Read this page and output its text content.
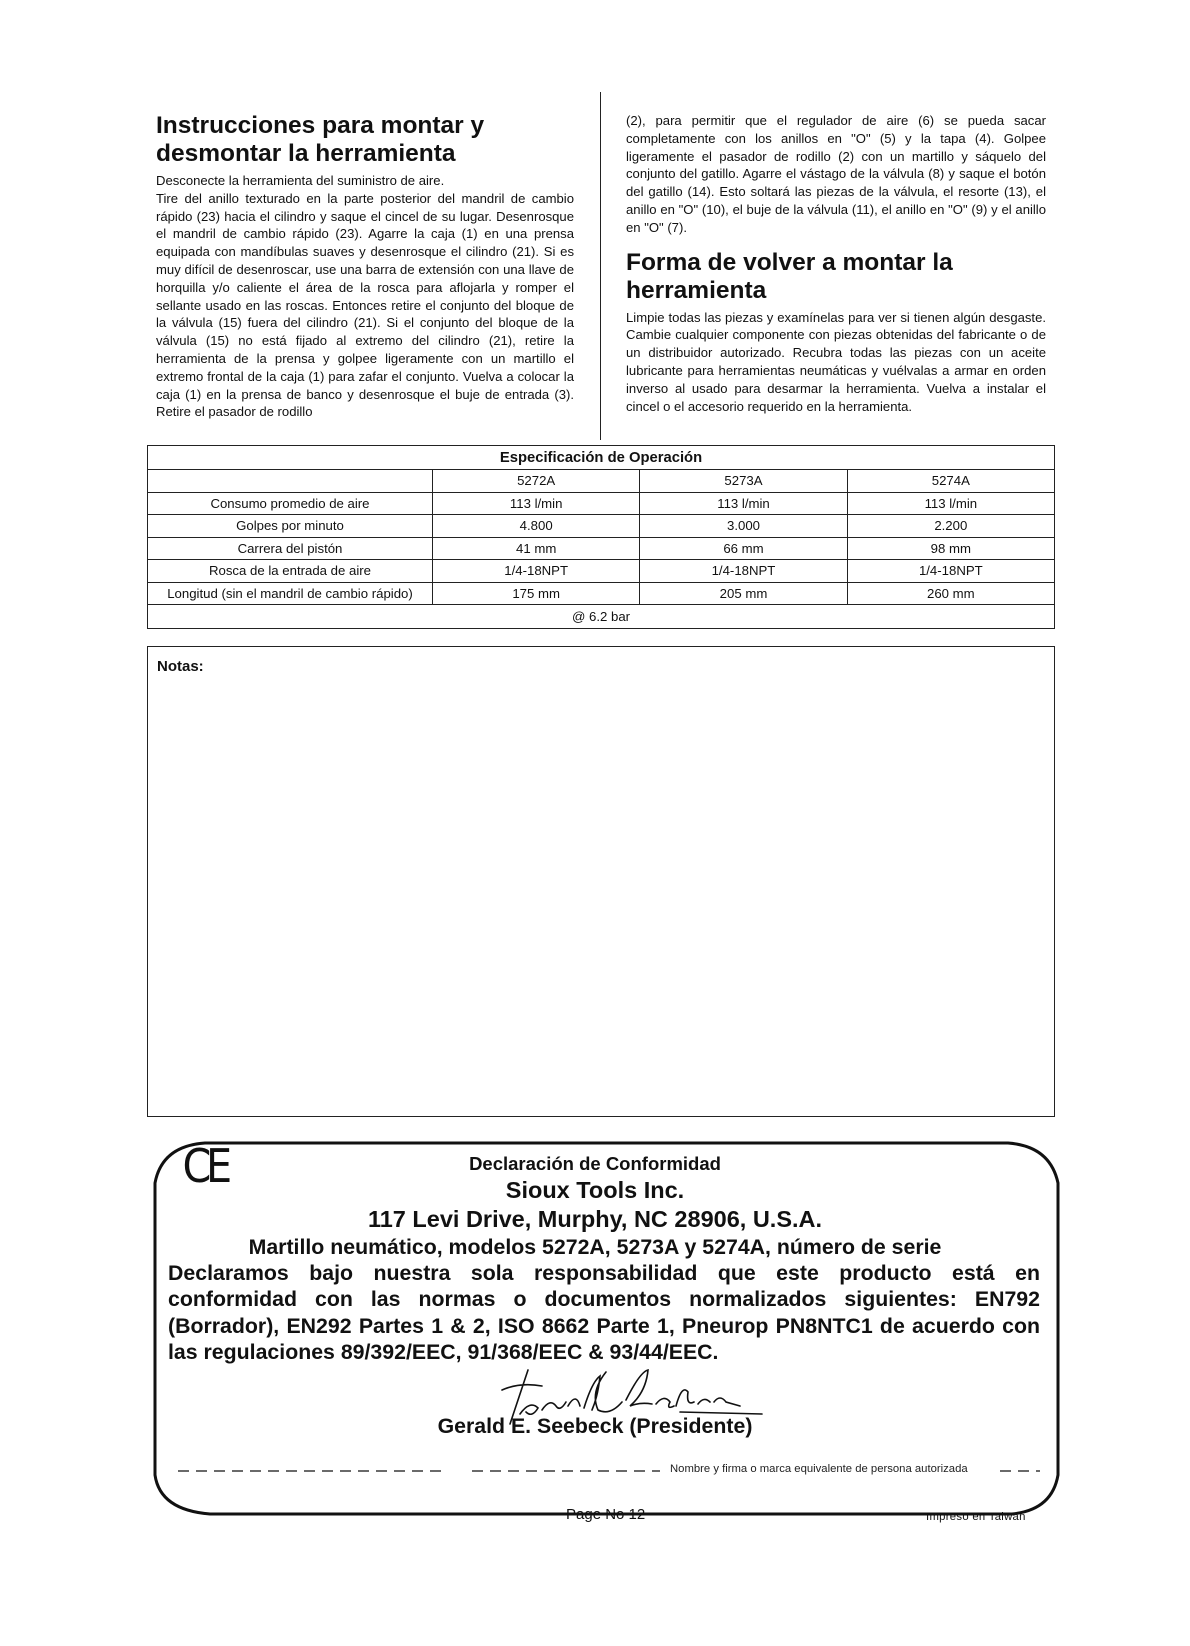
Instrucciones para montar y desmontar la herramienta

Desconecte la herramienta del suministro de aire.

Tire del anillo texturado en la parte posterior del mandril de cambio rápido (23) hacia el cilindro y saque el cincel de su lugar. Desenrosque el mandril de cambio rápido (23). Agarre la caja (1) en una prensa equipada con mandíbulas suaves y desenrosque el cilindro (21). Si es muy difícil de desenroscar, use una barra de extensión con una llave de horquilla y/o caliente el área de la rosca para aflojarla y romper el sellante usado en las roscas. Entonces retire el conjunto del bloque de la válvula (15) fuera del cilindro (21). Si el conjunto del bloque de la válvula (15) no está fijado al extremo del cilindro (21), retire la herramienta de la prensa y golpee ligeramente con un martillo el extremo frontal de la caja (1) para zafar el conjunto. Vuelva a colocar la caja (1) en la prensa de banco y desenrosque el buje de entrada (3). Retire el pasador de rodillo

(2), para permitir que el regulador de aire (6) se pueda sacar completamente con los anillos en "O" (5) y la tapa (4). Golpee ligeramente el pasador de rodillo (2) con un martillo y sáquelo del conjunto del gatillo. Agarre el vástago de la válvula (8) y saque el botón del gatillo (14). Esto soltará las piezas de la válvula, el resorte (13), el anillo en "O" (10), el buje de la válvula (11), el anillo en "O" (9) y el anillo en "O" (7).

Forma de volver a montar la herramienta

Limpie todas las piezas y examínelas para ver si tienen algún desgaste. Cambie cualquier componente con piezas obtenidas del fabricante o de un distribuidor autorizado. Recubra todas las piezas con un aceite lubricante para herramientas neumáticas y vuélvalas a armar en orden inverso al usado para desarmar la herramienta. Vuelva a instalar el cincel o el accesorio requerido en la herramienta.

Especificación de Operación			
	5272A	5273A	5274A
Consumo promedio de aire	113 l/min	113 l/min	113 l/min
Golpes por minuto	4.800	3.000	2.200
Carrera del pistón	41 mm	66 mm	98 mm
Rosca de la entrada de aire	1/4-18NPT	1/4-18NPT	1/4-18NPT
Longitud (sin el mandril de cambio rápido)	175 mm	205 mm	260 mm
@ 6.2 bar			
Notas:
CE	Declaración de Conformidad
Sioux Tools Inc.
117 Levi Drive, Murphy, NC 28906, U.S.A.
Martillo neumático, modelos 5272A, 5273A y 5274A, número de serie
Declaramos bajo nuestra sola responsabilidad que este producto está en conformidad con las normas o documentos normalizados siguientes: EN792 (Borrador), EN292 Partes 1 & 2, ISO 8662 Parte 1, Pneurop PN8NTC1 de acuerdo con las regulaciones 89/392/EEC, 91/368/EEC & 93/44/EEC.
Gerald E. Seebeck (Presidente)
Nombre y firma o marca equivalente de persona autorizada
Page No 12	Impreso en Taiwan
